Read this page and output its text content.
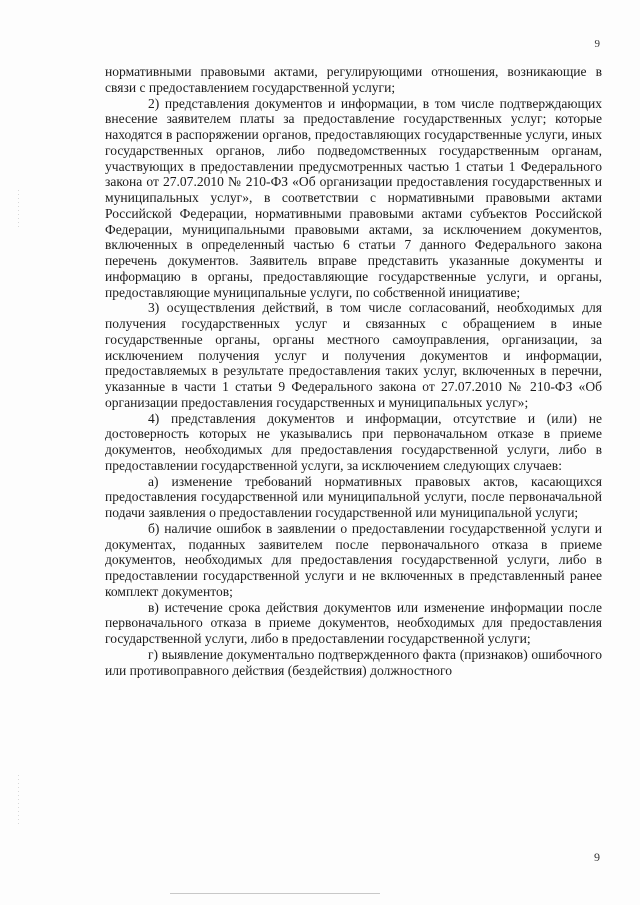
9

нормативными правовыми актами, регулирующими отношения, возникающие в связи с предоставлением государственной услуги;

2) представления документов и информации, в том числе подтверждающих внесение заявителем платы за предоставление государственных услуг; которые находятся в распоряжении органов, предоставляющих государственные услуги, иных государственных органов, либо подведомственных государственным органам, участвующих в предоставлении предусмотренных частью 1 статьи 1 Федерального закона от 27.07.2010 № 210-ФЗ «Об организации предоставления государственных и муниципальных услуг», в соответствии с нормативными правовыми актами Российской Федерации, нормативными правовыми актами субъектов Российской Федерации, муниципальными правовыми актами, за исключением документов, включенных в определенный частью 6 статьи 7 данного Федерального закона перечень документов. Заявитель вправе представить указанные документы и информацию в органы, предоставляющие государственные услуги, и органы, предоставляющие муниципальные услуги, по собственной инициативе;

3) осуществления действий, в том числе согласований, необходимых для получения государственных услуг и связанных с обращением в иные государственные органы, органы местного самоуправления, организации, за исключением получения услуг и получения документов и информации, предоставляемых в результате предоставления таких услуг, включенных в перечни, указанные в части 1 статьи 9 Федерального закона от 27.07.2010 № 210-ФЗ «Об организации предоставления государственных и муниципальных услуг»;

4) представления документов и информации, отсутствие и (или) не достоверность которых не указывались при первоначальном отказе в приеме документов, необходимых для предоставления государственной услуги, либо в предоставлении государственной услуги, за исключением следующих случаев:

а) изменение требований нормативных правовых актов, касающихся предоставления государственной или муниципальной услуги, после первоначальной подачи заявления о предоставлении государственной или муниципальной услуги;

б) наличие ошибок в заявлении о предоставлении государственной услуги и документах, поданных заявителем после первоначального отказа в приеме документов, необходимых для предоставления государственной услуги, либо в предоставлении государственной услуги и не включенных в представленный ранее комплект документов;

в) истечение срока действия документов или изменение информации после первоначального отказа в приеме документов, необходимых для предоставления государственной услуги, либо в предоставлении государственной услуги;

г) выявление документально подтвержденного факта (признаков) ошибочного или противоправного действия (бездействия) должностного

9
